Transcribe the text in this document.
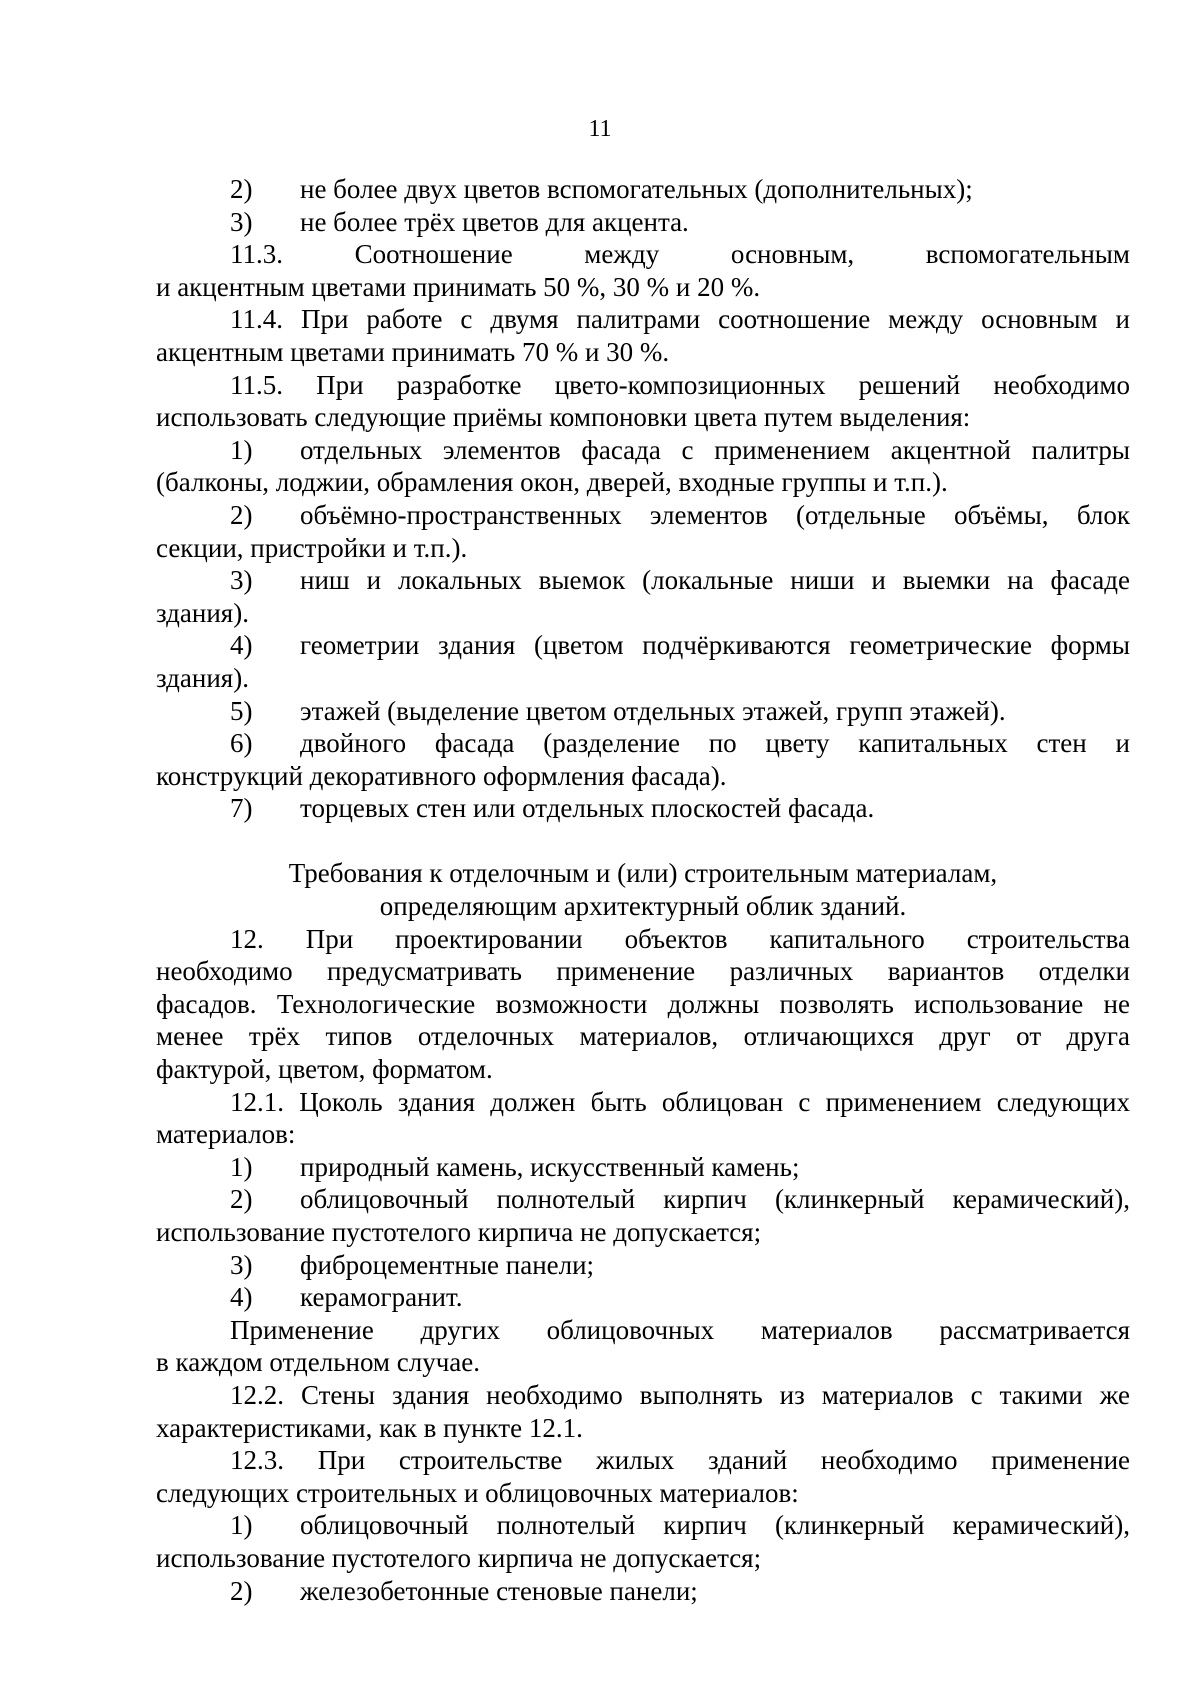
11
2) не более двух цветов вспомогательных (дополнительных);
3) не более трёх цветов для акцента.
11.3. Соотношение между основным, вспомогательным
и акцентным цветами принимать 50 %, 30 % и 20 %.
11.4. При работе с двумя палитрами соотношение между основным и
акцентным цветами принимать 70 % и 30 %.
11.5. При разработке цвето-композиционных решений необходимо
использовать следующие приёмы компоновки цвета путем выделения:
1) отдельных элементов фасада с применением акцентной палитры
(балконы, лоджии, обрамления окон, дверей, входные группы и т.п.).
2) объёмно-пространственных элементов (отдельные объёмы, блок
секции, пристройки и т.п.).
3) ниш и локальных выемок (локальные ниши и выемки на фасаде
здания).
4) геометрии здания (цветом подчёркиваются геометрические формы
здания).
5) этажей (выделение цветом отдельных этажей, групп этажей).
6) двойного фасада (разделение по цвету капитальных стен и
конструкций декоративного оформления фасада).
7) торцевых стен или отдельных плоскостей фасада.
Требования к отделочным и (или) строительным материалам,
определяющим архитектурный облик зданий.
12. При проектировании объектов капитального строительства
необходимо предусматривать применение различных вариантов отделки
фасадов. Технологические возможности должны позволять использование не
менее трёх типов отделочных материалов, отличающихся друг от друга
фактурой, цветом, форматом.
12.1. Цоколь здания должен быть облицован с применением следующих
материалов:
1) природный камень, искусственный камень;
2) облицовочный полнотелый кирпич (клинкерный керамический),
использование пустотелого кирпича не допускается;
3) фиброцементные панели;
4) керамогранит.
Применение других облицовочных материалов рассматривается
в каждом отдельном случае.
12.2. Стены здания необходимо выполнять из материалов с такими же
характеристиками, как в пункте 12.1.
12.3. При строительстве жилых зданий необходимо применение
следующих строительных и облицовочных материалов:
1) облицовочный полнотелый кирпич (клинкерный керамический),
использование пустотелого кирпича не допускается;
2) железобетонные стеновые панели;
